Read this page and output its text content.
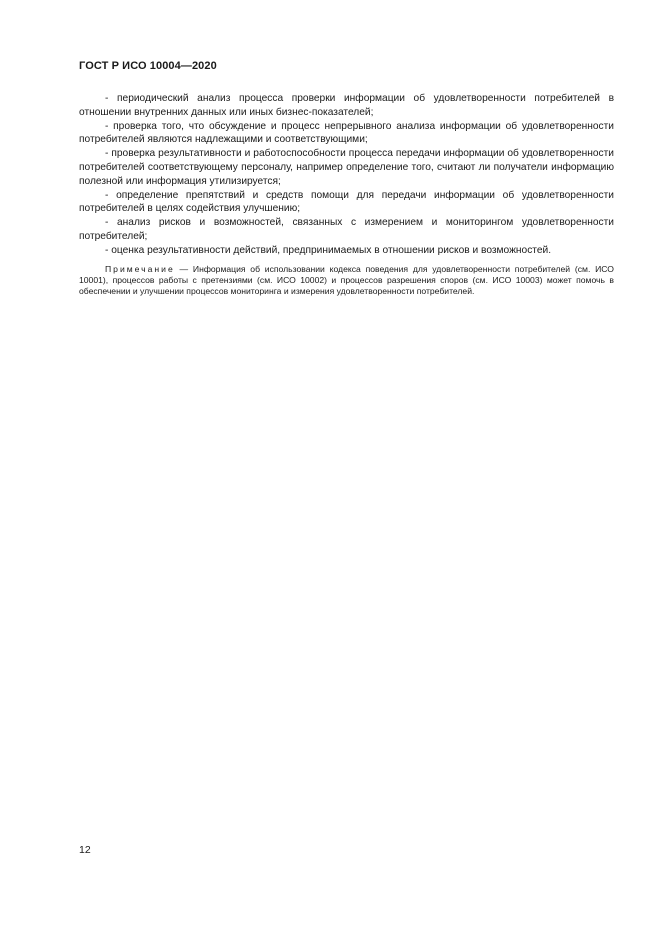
ГОСТ Р ИСО 10004—2020

- периодический анализ процесса проверки информации об удовлетворенности потребителей в отношении внутренних данных или иных бизнес-показателей;

- проверка того, что обсуждение и процесс непрерывного анализа информации об удовлетворенности потребителей являются надлежащими и соответствующими;

- проверка результативности и работоспособности процесса передачи информации об удовлетворенности потребителей соответствующему персоналу, например определение того, считают ли получатели информацию полезной или информация утилизируется;

- определение препятствий и средств помощи для передачи информации об удовлетворенности потребителей в целях содействия улучшению;

- анализ рисков и возможностей, связанных с измерением и мониторингом удовлетворенности потребителей;

- оценка результативности действий, предпринимаемых в отношении рисков и возможностей.

Примечание — Информация об использовании кодекса поведения для удовлетворенности потребителей (см. ИСО 10001), процессов работы с претензиями (см. ИСО 10002) и процессов разрешения споров (см. ИСО 10003) может помочь в обеспечении и улучшении процессов мониторинга и измерения удовлетворенности потребителей.

12
